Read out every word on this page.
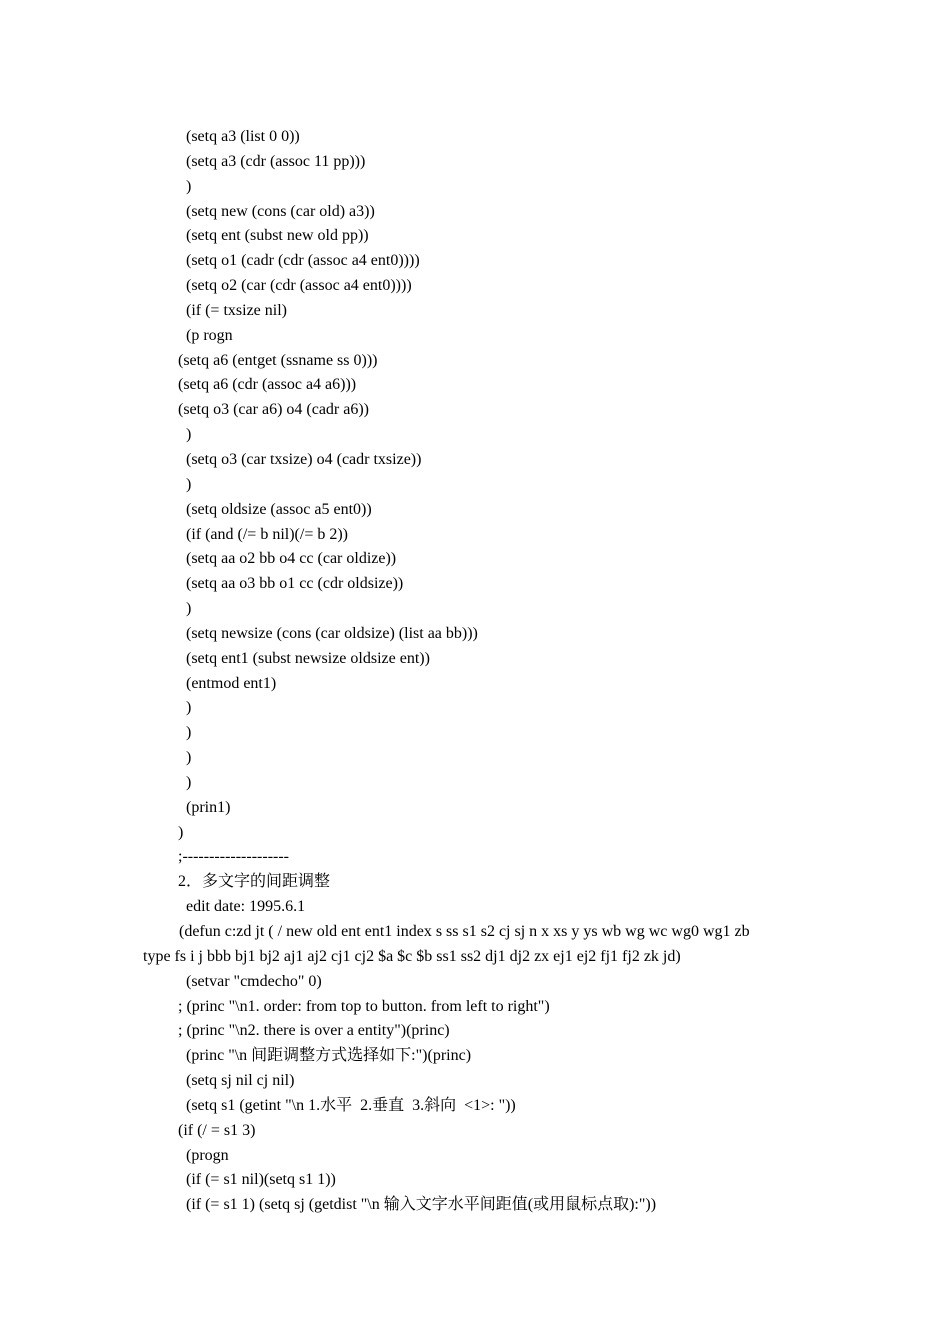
(setq a3 (list 0 0))
(setq a3 (cdr (assoc 11 pp)))
)
(setq new (cons (car old) a3))
(setq ent (subst new old pp))
(setq o1 (cadr (cdr (assoc a4 ent0))))
(setq o2 (car (cdr (assoc a4 ent0))))
(if (= txsize nil)
(p rogn
(setq a6 (entget (ssname ss 0)))
(setq a6 (cdr (assoc a4 a6)))
(setq o3 (car a6) o4 (cadr a6))
)
(setq o3 (car txsize) o4 (cadr txsize))
)
(setq oldsize (assoc a5 ent0))
(if (and (/= b nil)(/= b 2))
(setq aa o2 bb o4 cc (car oldize))
(setq aa o3 bb o1 cc (cdr oldsize))
)
(setq newsize (cons (car oldsize) (list aa bb)))
(setq ent1 (subst newsize oldsize ent))
(entmod ent1)
)
)
)
)
(prin1)
)
;--------------------
2．多文字的间距调整
edit date: 1995.6.1
(defun c:zd jt ( / new old ent ent1 index s ss s1 s2 cj sj n x xs y ys wb wg wc wg0 wg1 zb
type fs i j bbb bj1 bj2 aj1 aj2 cj1 cj2 $a $c $b ss1 ss2 dj1 dj2 zx ej1 ej2 fj1 fj2 zk jd)
(setvar "cmdecho" 0)
; (princ "\n1. order: from top to button. from left to right")
; (princ "\n2. there is over a entity")(princ)
(princ "\n 间距调整方式选择如下:")(princ)
(setq sj nil cj nil)
(setq s1 (getint "\n 1.水平  2.垂直  3.斜向  <1>: "))
(if (/ = s1 3)
(progn
(if (= s1 nil)(setq s1 1))
(if (= s1 1) (setq sj (getdist "\n 输入文字水平间距值(或用鼠标点取):"))
